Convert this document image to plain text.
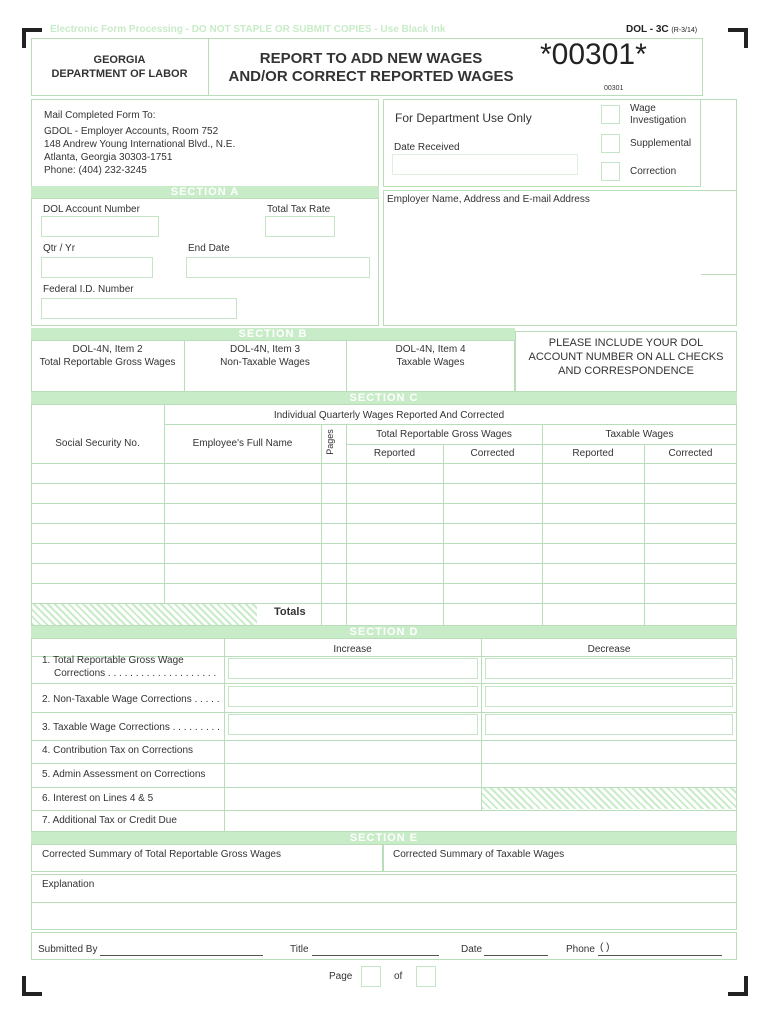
Electronic Form Processing - DO NOT STAPLE OR SUBMIT COPIES - Use Black Ink	DOL - 3C (R-3/14)
GEORGIA
DEPARTMENT OF LABOR
REPORT TO ADD NEW WAGES
AND/OR CORRECT REPORTED WAGES
*00301*
00301
Mail Completed Form To:
GDOL - Employer Accounts, Room 752
148 Andrew Young International Blvd., N.E.
Atlanta, Georgia 30303-1751
Phone: (404) 232-3245
For Department Use Only
Date Received
Wage Investigation
Supplemental
Correction
SECTION A
DOL Account Number	Total Tax Rate
Qtr / Yr	End Date
Federal I.D. Number
Employer Name, Address and E-mail Address
SECTION B
DOL-4N, Item 2
Total Reportable Gross Wages
DOL-4N, Item 3
Non-Taxable Wages
DOL-4N, Item 4
Taxable Wages
PLEASE INCLUDE YOUR DOL
ACCOUNT NUMBER ON ALL CHECKS
AND CORRESPONDENCE
SECTION C
Individual Quarterly Wages Reported And Corrected
Social Security No.	Employee's Full Name	Pages	Total Reportable Gross Wages	Taxable Wages
Reported	Corrected	Reported	Corrected
Totals
SECTION D
Increase	Decrease
1. Total Reportable Gross Wage
Corrections . . . . . . . . . . . . . . . . . . . .
2. Non-Taxable Wage Corrections . . . . .
3. Taxable Wage Corrections . . . . . . . . .
4. Contribution Tax on Corrections
5. Admin Assessment on Corrections
6. Interest on Lines 4 & 5
7. Additional Tax or Credit Due
SECTION E
Corrected Summary of Total Reportable Gross Wages	Corrected Summary of Taxable Wages
Explanation
Submitted By	Title	Date	Phone ( )
Page	of
